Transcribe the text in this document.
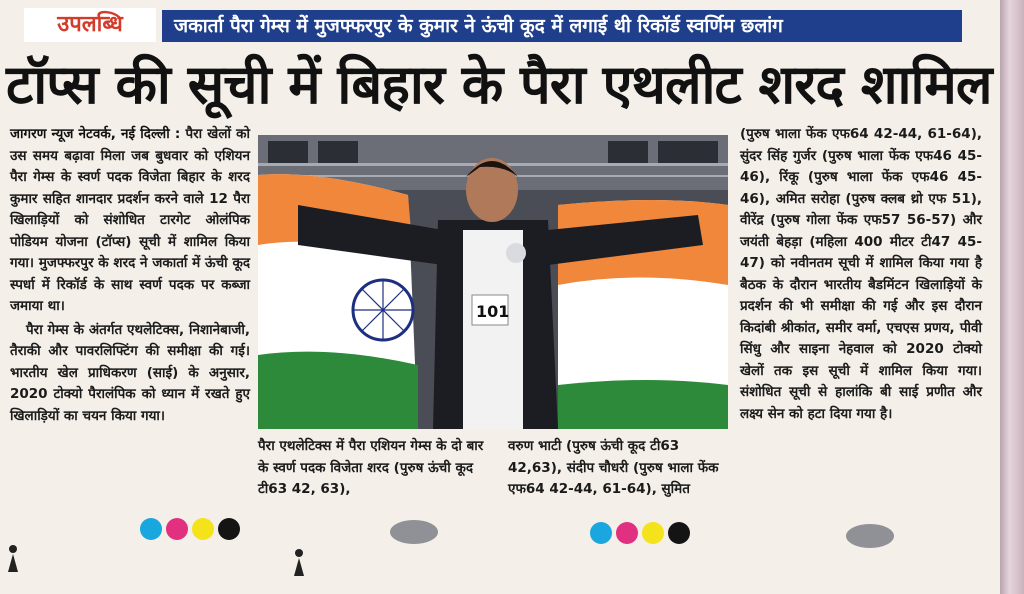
उपलब्धि	जकार्ता पैरा गेम्स में मुजफ्फरपुर के कुमार ने ऊंची कूद में लगाई थी रिकॉर्ड स्वर्णिम छलांग
टॉप्स की सूची में बिहार के पैरा एथलीट शरद शामिल

जागरण न्यूज नेटवर्क, नई दिल्ली : पैरा खेलों को उस समय बढ़ावा मिला जब बुधवार को एशियन पैरा गेम्स के स्वर्ण पदक विजेता बिहार के शरद कुमार सहित शानदार प्रदर्शन करने वाले 12 पैरा खिलाड़ियों को संशोधित टारगेट ओलंपिक पोडियम योजना (टॉप्स) सूची में शामिल किया गया। मुजफ्फरपुर के शरद ने जकार्ता में ऊंची कूद स्पर्धा में रिकॉर्ड के साथ स्वर्ण पदक पर कब्जा जमाया था।

पैरा गेम्स के अंतर्गत एथलेटिक्स, निशानेबाजी, तैराकी और पावरलिफ्टिंग की समीक्षा की गई। भारतीय खेल प्राधिकरण (साई) के अनुसार, 2020 टोक्यो पैरालंपिक को ध्यान में रखते हुए खिलाड़ियों का चयन किया गया।

101
पैरा एथलेटिक्स में पैरा एशियन गेम्स के दो बार के स्वर्ण पदक विजेता शरद (पुरुष ऊंची कूद टी63 42, 63),
वरुण भाटी (पुरुष ऊंची कूद टी63 42,63), संदीप चौधरी (पुरुष भाला फेंक एफ64 42-44, 61-64), सुमित
(पुरुष भाला फेंक एफ64 42-44, 61-64), सुंदर सिंह गुर्जर (पुरुष भाला फेंक एफ46 45-46), रिंकू (पुरुष भाला फेंक एफ46 45-46), अमित सरोहा (पुरुष क्लब थ्रो एफ 51), वीरेंद्र (पुरुष गोला फेंक एफ57 56-57) और जयंती बेहड़ा (महिला 400 मीटर टी47 45-47) को नवीनतम सूची में शामिल किया गया है बैठक के दौरान भारतीय बैडमिंटन खिलाड़ियों के प्रदर्शन की भी समीक्षा की गई और इस दौरान किदांबी श्रीकांत, समीर वर्मा, एचएस प्रणय, पीवी सिंधु और साइना नेहवाल को 2020 टोक्यो खेलों तक इस सूची में शामिल किया गया। संशोधित सूची से हालांकि बी साई प्रणीत और लक्ष्य सेन को हटा दिया गया है।
